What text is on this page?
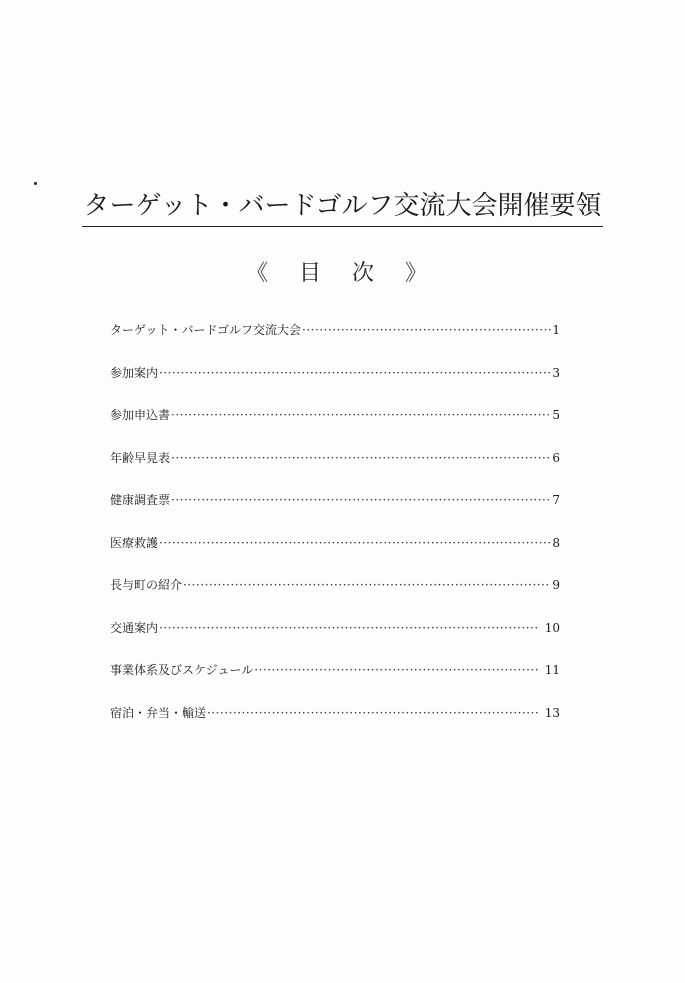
ターゲット・バードゴルフ交流大会開催要領
《 目 次 》
ターゲット・バードゴルフ交流大会 ·····	1
参加案内 ·····	3
参加申込書 ·····	5
年齢早見表 ·····	6
健康調査票 ·····	7
医療救護 ·····	8
長与町の紹介 ·····	9
交通案内 ·····	10
事業体系及びスケジュール ·····	11
宿泊・弁当・輸送 ·····	13
